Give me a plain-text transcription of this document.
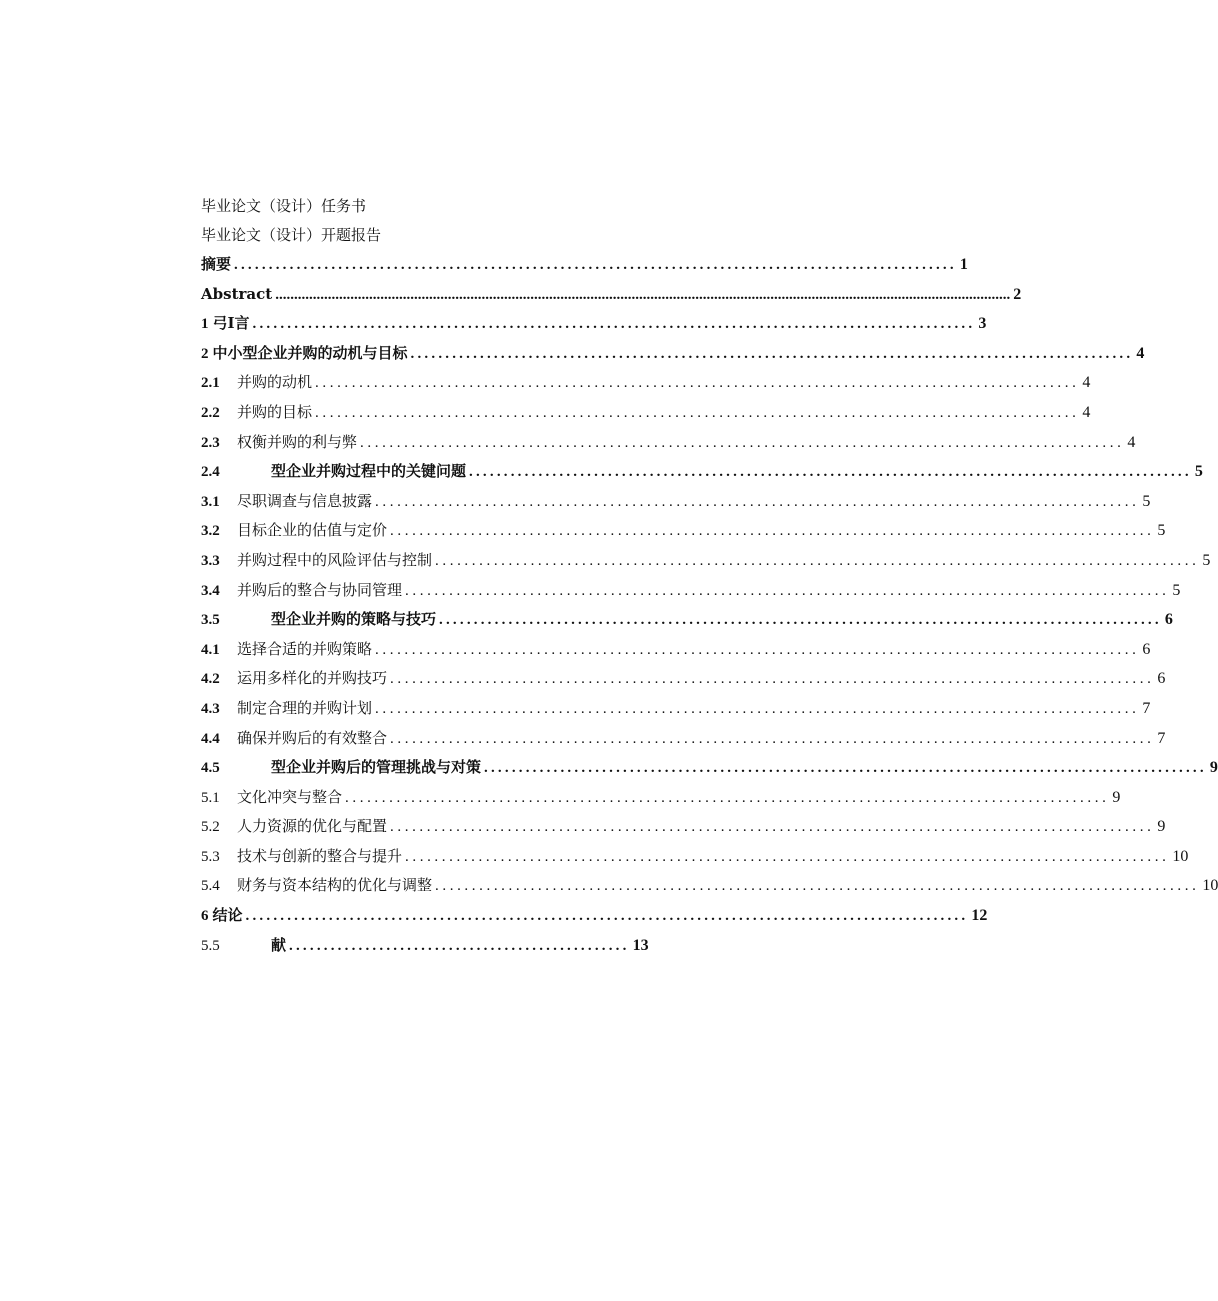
毕业论文（设计）任务书
毕业论文（设计）开题报告
摘要 ........................................................................................................ 1
Abstract .................................................................................................................................................................................................... 2
1 弓I言 ........................................................................................................ 3
2 中小型企业并购的动机与目标 ........................................................................................................ 4
2.1	并购的动机 ........................................................................................................ 4
2.2	并购的目标 ........................................................................................................ 4
2.3	权衡并购的利与弊 ........................................................................................................ 4
2.4	型企业并购过程中的关键问题 ........................................................................................................ 5
3.1	尽职调查与信息披露 ........................................................................................................ 5
3.2	目标企业的估值与定价 ........................................................................................................ 5
3.3	并购过程中的风险评估与控制 ........................................................................................................ 5
3.4	并购后的整合与协同管理 ........................................................................................................ 5
3.5	型企业并购的策略与技巧 ........................................................................................................ 6
4.1	选择合适的并购策略 ........................................................................................................ 6
4.2	运用多样化的并购技巧 ........................................................................................................ 6
4.3	制定合理的并购计划 ........................................................................................................ 7
4.4	确保并购后的有效整合 ........................................................................................................ 7
4.5	型企业并购后的管理挑战与对策 ........................................................................................................ 9
5.1	文化冲突与整合 ........................................................................................................ 9
5.2	人力资源的优化与配置 ........................................................................................................ 9
5.3	技术与创新的整合与提升 ........................................................................................................ 10
5.4	财务与资本结构的优化与调整 ........................................................................................................ 10
6 结论 ........................................................................................................ 12
5.5	献 ................................................. 13
